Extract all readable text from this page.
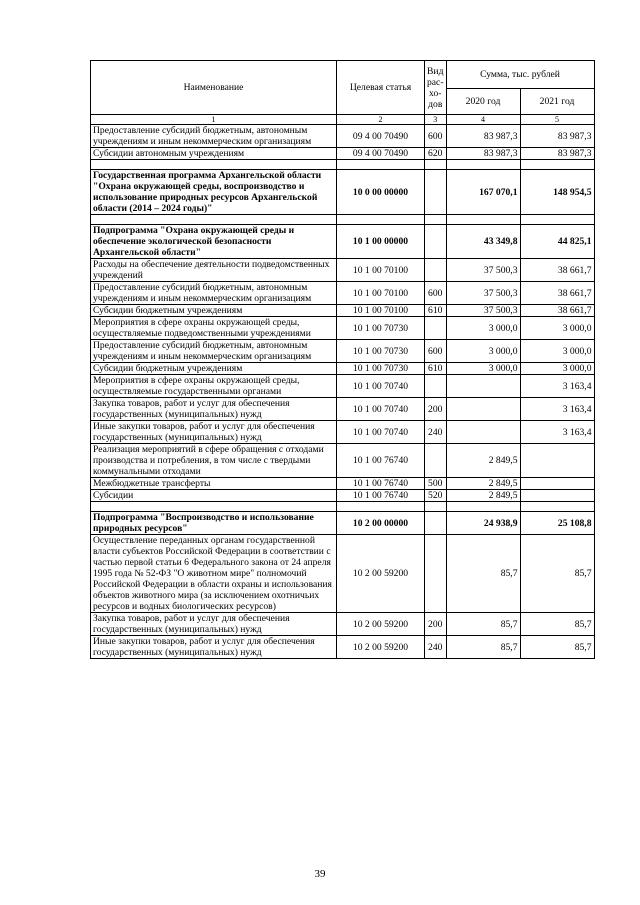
Наименование	Целевая статья	Вид рас-хо-дов	Сумма, тыс. рублей	
			2020 год	2021 год
1	2	3	4	5
Предоставление субсидий бюджетным, автономным учреждениям и иным некоммерческим организациям	09 4 00 70490	600	83 987,3	83 987,3
Субсидии автономным учреждениям	09 4 00 70490	620	83 987,3	83 987,3

Государственная программа Архангельской области "Охрана окружающей среды, воспроизводство и использование природных ресурсов Архангельской области (2014 – 2024 годы)"	10 0 00 00000		167 070,1	148 954,5

Подпрограмма "Охрана окружающей среды и обеспечение экологической безопасности Архангельской области"	10 1 00 00000		43 349,8	44 825,1
Расходы на обеспечение деятельности подведомственных учреждений	10 1 00 70100		37 500,3	38 661,7
Предоставление субсидий бюджетным, автономным учреждениям и иным некоммерческим организациям	10 1 00 70100	600	37 500,3	38 661,7
Субсидии бюджетным учреждениям	10 1 00 70100	610	37 500,3	38 661,7
Мероприятия в сфере охраны окружающей среды, осуществляемые подведомственными учреждениями	10 1 00 70730		3 000,0	3 000,0
Предоставление субсидий бюджетным, автономным учреждениям и иным некоммерческим организациям	10 1 00 70730	600	3 000,0	3 000,0
Субсидии бюджетным учреждениям	10 1 00 70730	610	3 000,0	3 000,0
Мероприятия в сфере охраны окружающей среды, осуществляемые государственными органами	10 1 00 70740			3 163,4
Закупка товаров, работ и услуг для обеспечения государственных (муниципальных) нужд	10 1 00 70740	200		3 163,4
Иные закупки товаров, работ и услуг для обеспечения государственных (муниципальных) нужд	10 1 00 70740	240		3 163,4
Реализация мероприятий в сфере обращения с отходами производства и потребления, в том числе с твердыми коммунальными отходами	10 1 00 76740		2 849,5	
Межбюджетные трансферты	10 1 00 76740	500	2 849,5	
Субсидии	10 1 00 76740	520	2 849,5	

Подпрограмма "Воспроизводство и использование природных ресурсов"	10 2 00 00000		24 938,9	25 108,8
Осуществление переданных органам государственной власти субъектов Российской Федерации в соответствии с частью первой статьи 6 Федерального закона от 24 апреля 1995 года № 52-ФЗ "О животном мире" полномочий Российской Федерации в области охраны и использования объектов животного мира (за исключением охотничьих ресурсов и водных биологических ресурсов)	10 2 00 59200		85,7	85,7
Закупка товаров, работ и услуг для обеспечения государственных (муниципальных) нужд	10 2 00 59200	200	85,7	85,7
Иные закупки товаров, работ и услуг для обеспечения государственных (муниципальных) нужд	10 2 00 59200	240	85,7	85,7
39
